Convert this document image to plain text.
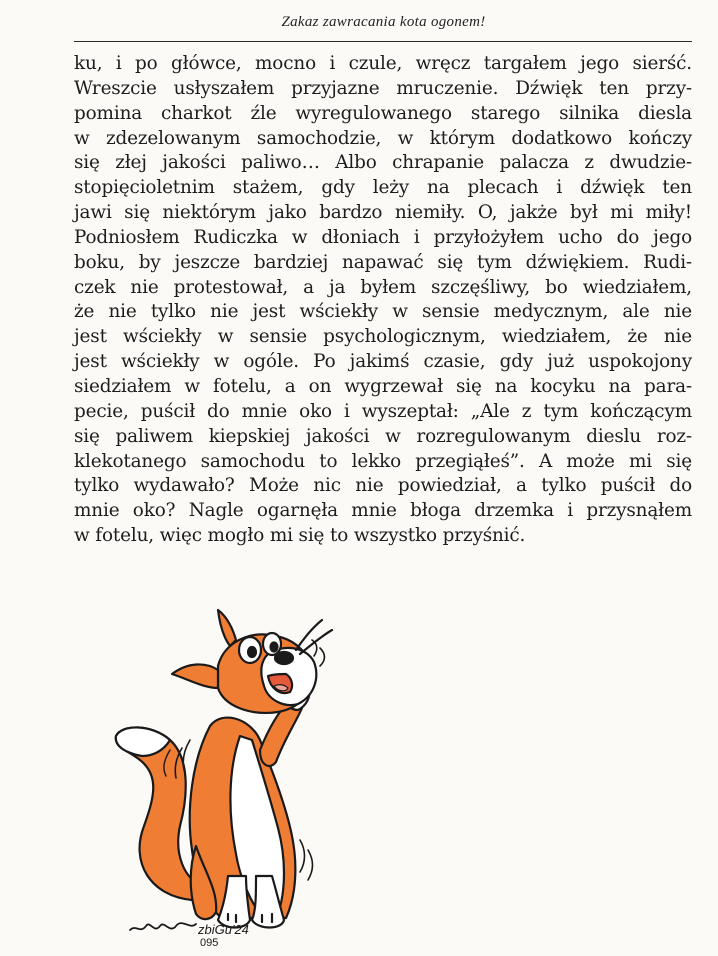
Zakaz zawracania kota ogonem!
ku, i po główce, mocno i czule, wręcz targałem jego sierść.
Wreszcie usłyszałem przyjazne mruczenie. Dźwięk ten przy-
pomina charkot źle wyregulowanego starego silnika diesla
w zdezelowanym samochodzie, w którym dodatkowo kończy
się złej jakości paliwo… Albo chrapanie palacza z dwudzie-
stopięcioletnim stażem, gdy leży na plecach i dźwięk ten
jawi się niektórym jako bardzo niemiły. O, jakże był mi miły!
Podniosłem Rudiczka w dłoniach i przyłożyłem ucho do jego
boku, by jeszcze bardziej napawać się tym dźwiękiem. Rudi-
czek nie protestował, a ja byłem szczęśliwy, bo wiedziałem,
że nie tylko nie jest wściekły w sensie medycznym, ale nie
jest wściekły w sensie psychologicznym, wiedziałem, że nie
jest wściekły w ogóle. Po jakimś czasie, gdy już uspokojony
siedziałem w fotelu, a on wygrzewał się na kocyku na para-
pecie, puścił do mnie oko i wyszeptał: „Ale z tym kończącym
się paliwem kiepskiej jakości w rozregulowanym dieslu roz-
klekotanego samochodu to lekko przegiąłeś”. A może mi się
tylko wydawało? Może nic nie powiedział, a tylko puścił do
mnie oko? Nagle ogarnęła mnie błoga drzemka i przysnąłem
w fotelu, więc mogło mi się to wszystko przyśnić.
zbiGu'24
095
